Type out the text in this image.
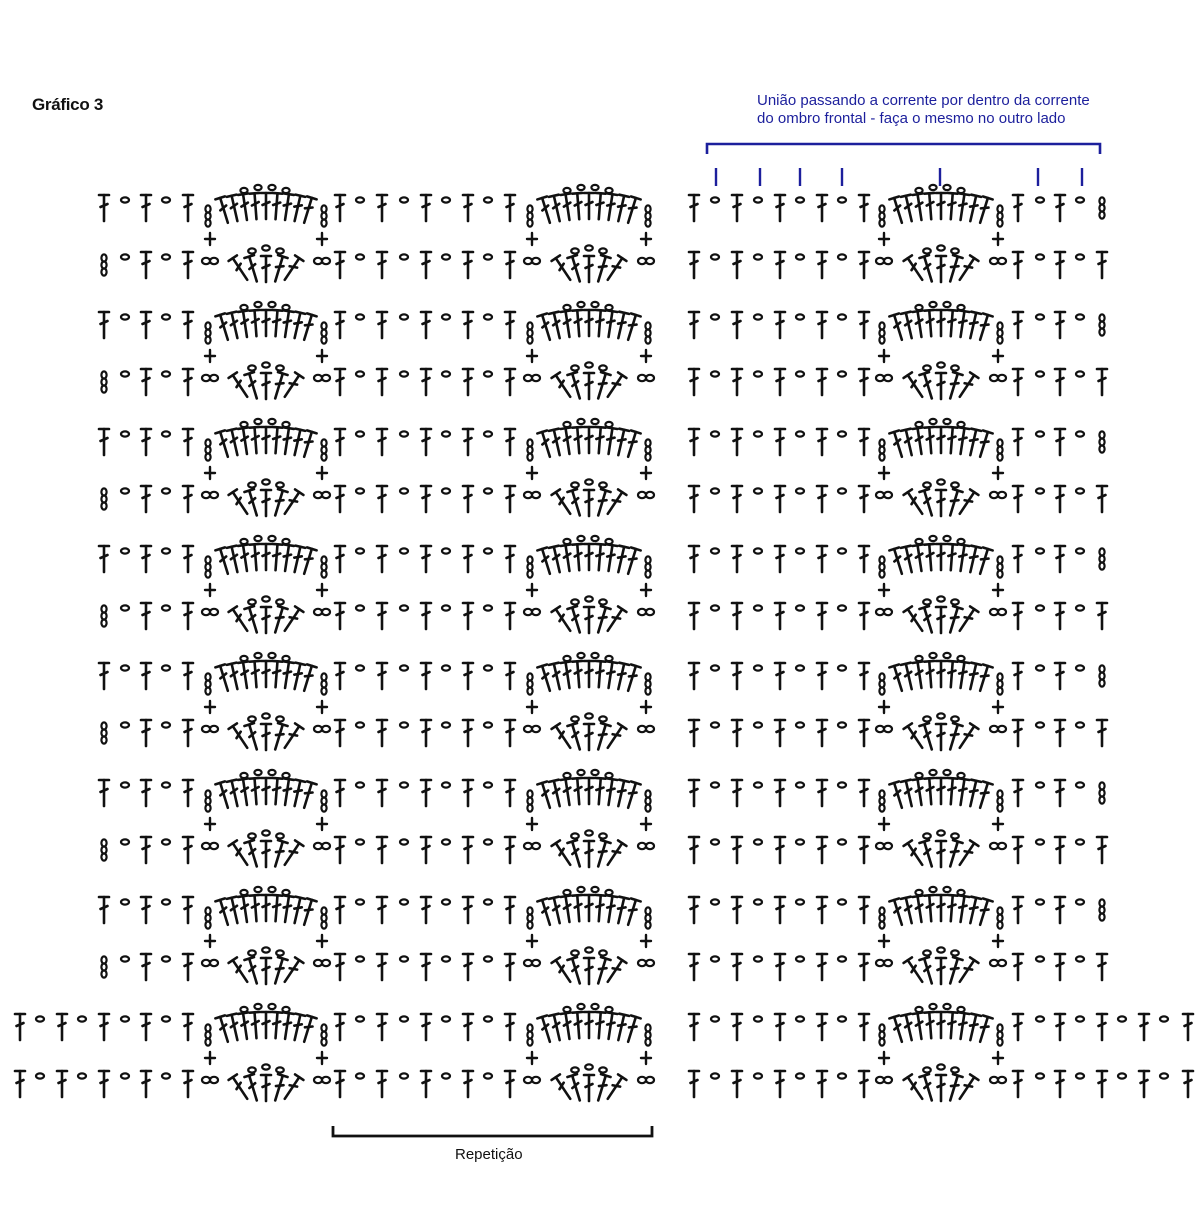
Gráfico 3	União passando a corrente por dentro da corrente
do ombro frontal - faça o mesmo no outro lado
Repetição
